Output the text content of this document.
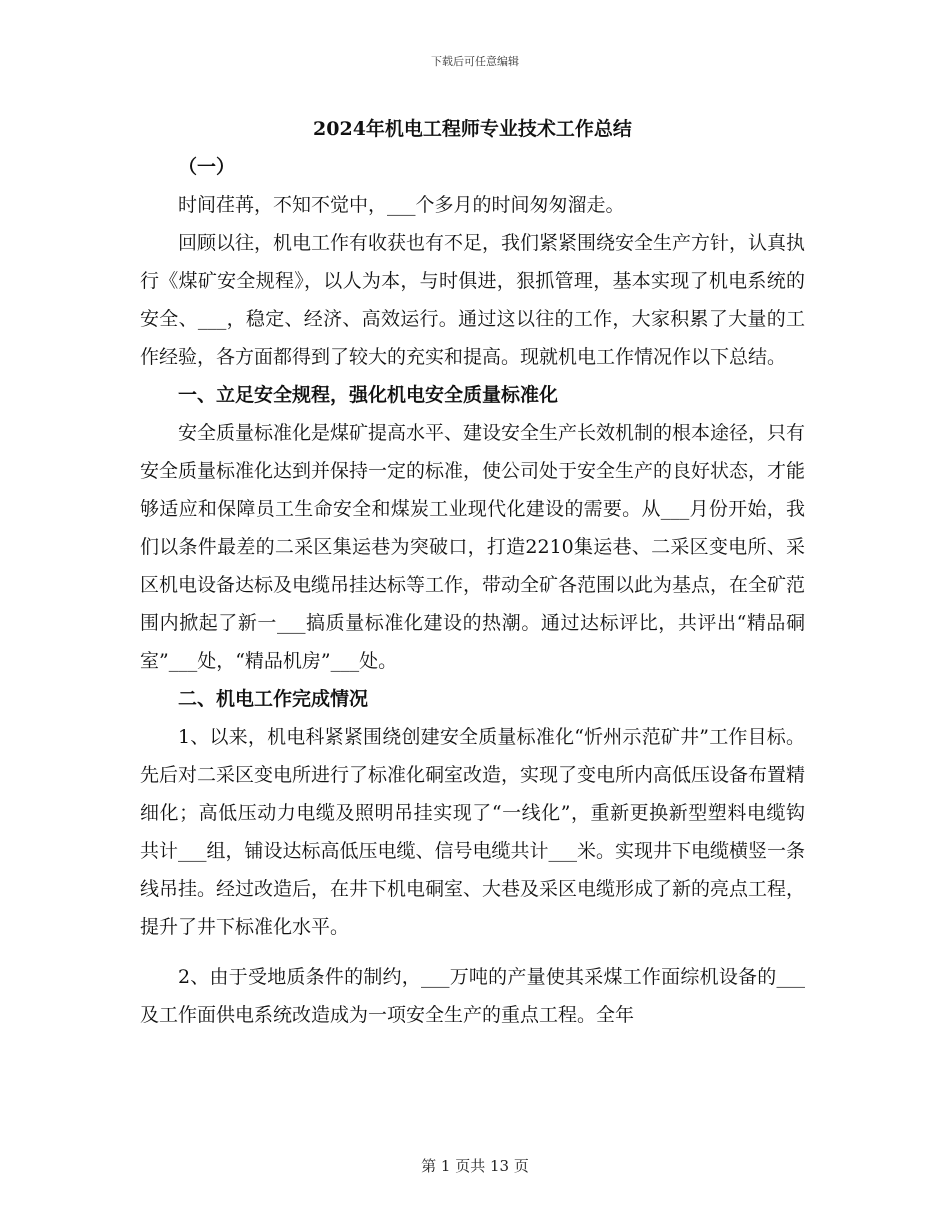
下载后可任意编辑
2024年机电工程师专业技术工作总结
（一）

时间荏苒，不知不觉中，___个多月的时间匆匆溜走。

回顾以往，机电工作有收获也有不足，我们紧紧围绕安全生产方针，认真执行《煤矿安全规程》，以人为本，与时俱进，狠抓管理，基本实现了机电系统的安全、___，稳定、经济、高效运行。通过这以往的工作，大家积累了大量的工作经验，各方面都得到了较大的充实和提高。现就机电工作情况作以下总结。

一、立足安全规程，强化机电安全质量标准化

安全质量标准化是煤矿提高水平、建设安全生产长效机制的根本途径，只有安全质量标准化达到并保持一定的标准，使公司处于安全生产的良好状态，才能够适应和保障员工生命安全和煤炭工业现代化建设的需要。从___月份开始，我们以条件最差的二采区集运巷为突破口，打造2210集运巷、二采区变电所、采区机电设备达标及电缆吊挂达标等工作，带动全矿各范围以此为基点，在全矿范围内掀起了新一___搞质量标准化建设的热潮。通过达标评比，共评出“精品硐室”___处，“精品机房”___处。

二、机电工作完成情况

1、以来，机电科紧紧围绕创建安全质量标准化“忻州示范矿井”工作目标。先后对二采区变电所进行了标准化硐室改造，实现了变电所内高低压设备布置精细化；高低压动力电缆及照明吊挂实现了“一线化”，重新更换新型塑料电缆钩共计___组，铺设达标高低压电缆、信号电缆共计___米。实现井下电缆横竖一条线吊挂。经过改造后，在井下机电硐室、大巷及采区电缆形成了新的亮点工程，提升了井下标准化水平。

2、由于受地质条件的制约，___万吨的产量使其采煤工作面综机设备的___及工作面供电系统改造成为一项安全生产的重点工程。全年

第 1 页共 13 页
